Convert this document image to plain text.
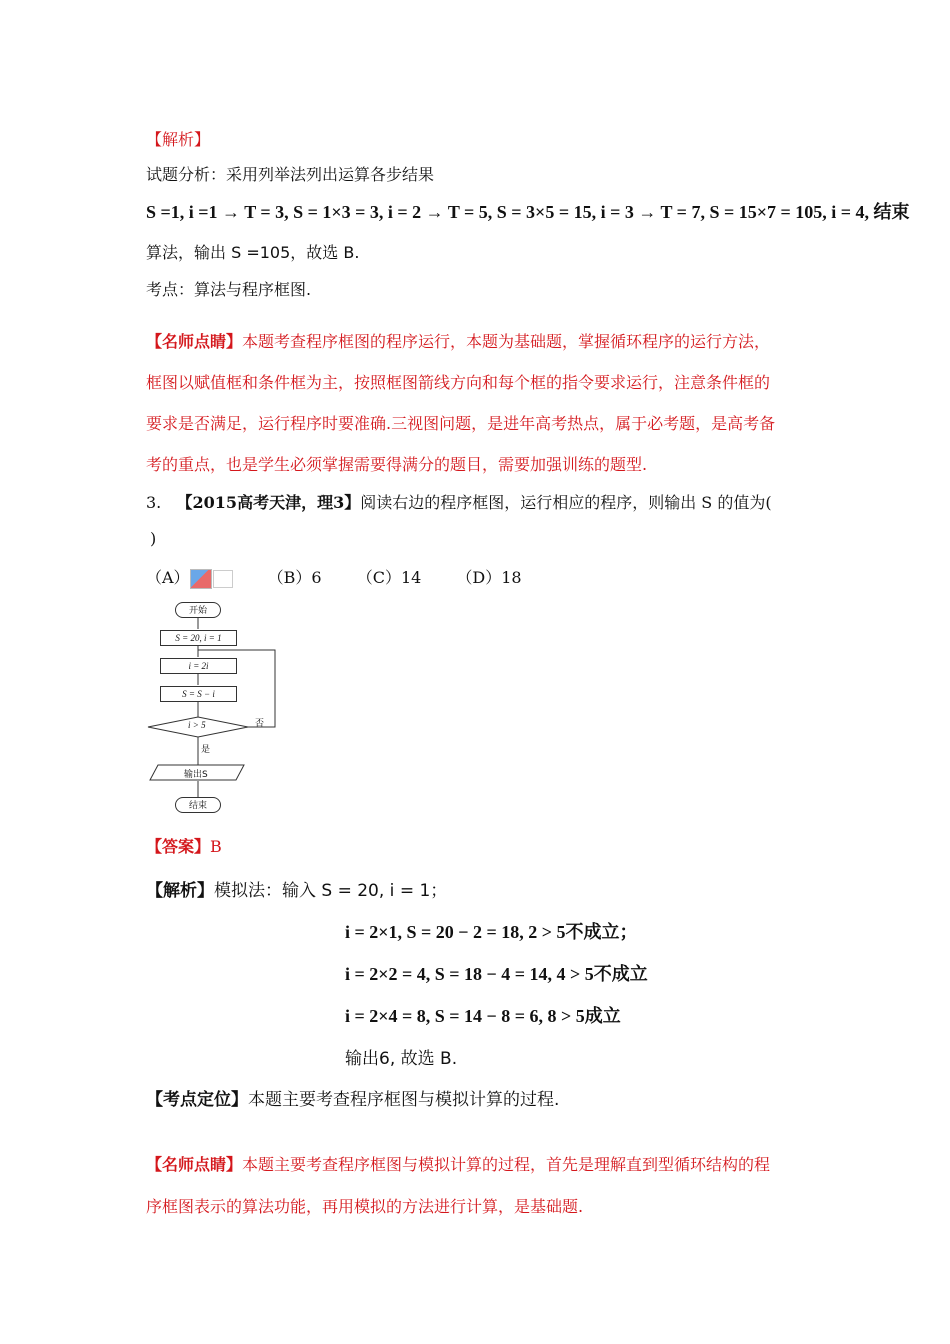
【解析】
试题分析：采用列举法列出运算各步结果
S =1, i =1 → T = 3, S = 1×3 = 3, i = 2 → T = 5, S = 3×5 = 15, i = 3 → T = 7, S = 15×7 = 105, i = 4, 结束
算法，输出 S =105，故选 B.
考点：算法与程序框图.
【名师点睛】本题考查程序框图的程序运行，本题为基础题，掌握循环程序的运行方法，
框图以赋值框和条件框为主，按照框图箭线方向和每个框的指令要求运行，注意条件框的
要求是否满足，运行程序时要准确.三视图问题，是进年高考热点，属于必考题，是高考备
考的重点，也是学生必须掌握需要得满分的题目，需要加强训练的题型.
3. 【2015高考天津，理3】阅读右边的程序框图，运行相应的程序，则输出 S 的值为(
)
（A）	（B）6 （C）14 （D）18
开始
S = 20, i = 1
i = 2i
S = S − i
i > 5	否
是
输出S
结束
【答案】B
【解析】模拟法：输入 S = 20, i = 1；
i = 2×1, S = 20 − 2 = 18, 2 > 5不成立；
i = 2×2 = 4, S = 18 − 4 = 14, 4 > 5不成立
i = 2×4 = 8, S = 14 − 8 = 6, 8 > 5成立
输出6, 故选 B.
【考点定位】本题主要考查程序框图与模拟计算的过程.
【名师点睛】本题主要考查程序框图与模拟计算的过程，首先是理解直到型循环结构的程
序框图表示的算法功能，再用模拟的方法进行计算，是基础题.
